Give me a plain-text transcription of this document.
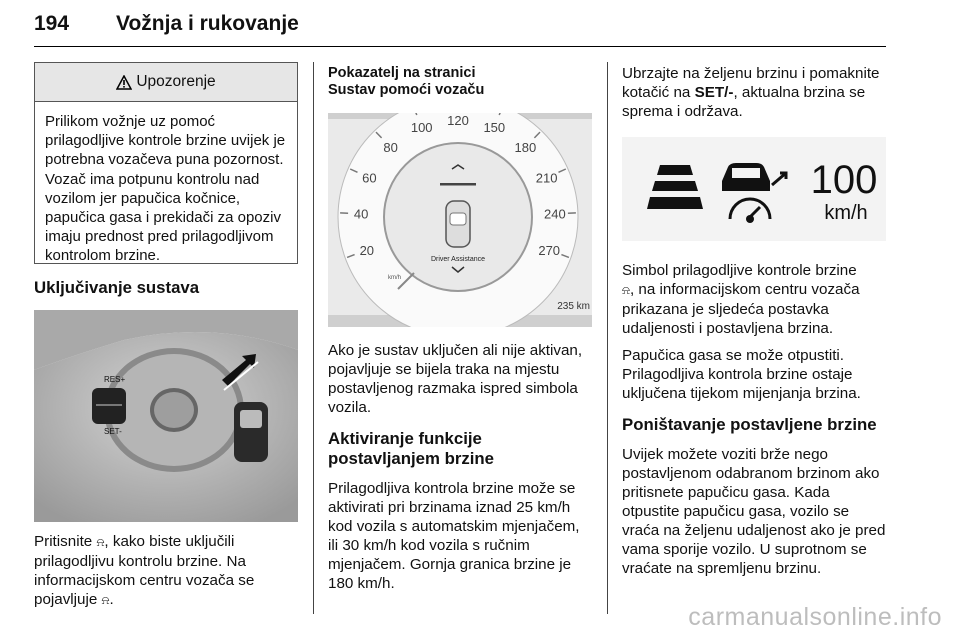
194 Vožnja i rukovanje
Upozorenje

Prilikom vožnje uz pomoć prilagodljive kontrole brzine uvijek je potrebna vozačeva puna pozornost. Vozač ima potpunu kontrolu nad vozilom jer papučica kočnice, papučica gasa i prekidači za opoziv imaju prednost pred prilagodljivom kontrolom brzine.

Uključivanje sustava
RES+
SET-

Pritisnite ⍾, kako biste uključili prilagodljivu kontrolu brzine. Na informacijskom centru vozača se pojavljuje ⍾.

Pokazatelj na stranici

Sustav pomoći vozaču

20
40
60
80
100 120 150
180
210
240
270
Driver Assistance
km/h
235 km

Ako je sustav uključen ali nije aktivan, pojavljuje se bijela traka na mjestu postavljenog razmaka ispred simbola vozila.

Aktiviranje funkcije postavljanjem brzine

Prilagodljiva kontrola brzine može se aktivirati pri brzinama iznad 25 km/h kod vozila s automatskim mjenjačem, ili 30 km/h kod vozila s ručnim mjenjačem. Gornja granica brzine je 180 km/h.

Ubrzajte na željenu brzinu i pomaknite kotačić na SET/-, aktualna brzina se sprema i održava.

100
km/h

Simbol prilagodljive kontrole brzine
⍾, na informacijskom centru vozača prikazana je sljedeća postavka udaljenosti i postavljena brzina.

Papučica gasa se može otpustiti. Prilagodljiva kontrola brzine ostaje uključena tijekom mijenjanja brzina.

Poništavanje postavljene brzine

Uvijek možete voziti brže nego postavljenom odabranom brzinom ako pritisnete papučicu gasa. Kada otpustite papučicu gasa, vozilo se vraća na željenu udaljenost ako je pred vama sporije vozilo. U suprotnom se vraćate na spremljenu brzinu.

carmanualsonline.info
